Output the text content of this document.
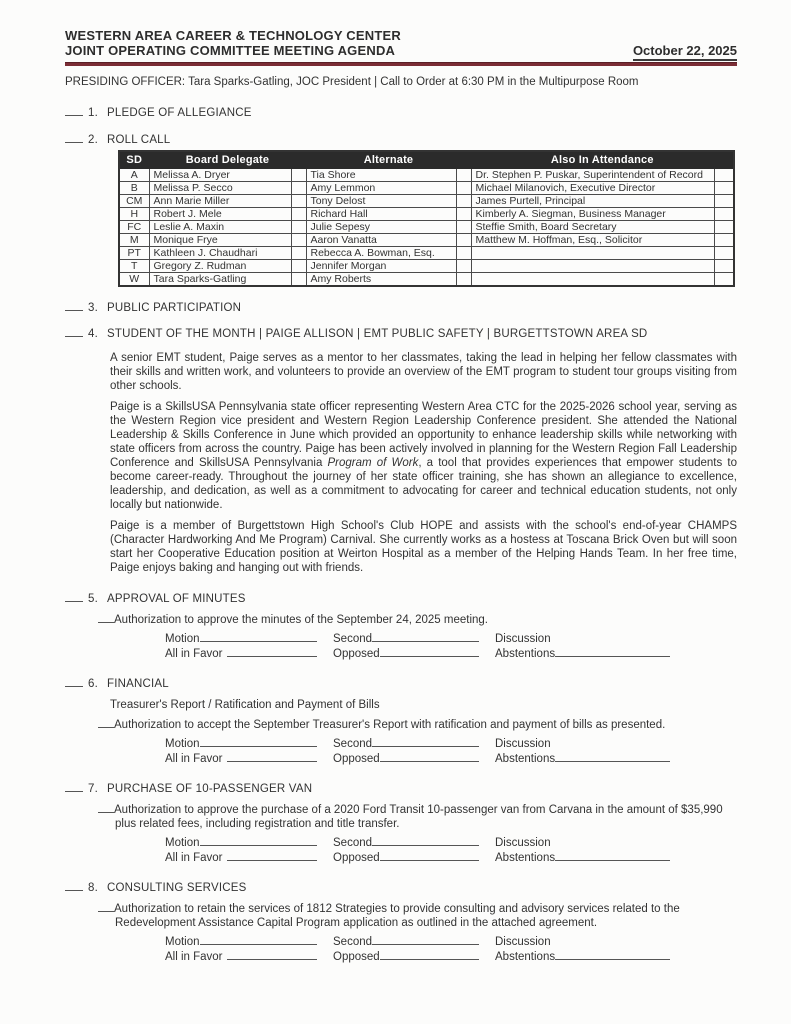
WESTERN AREA CAREER & TECHNOLOGY CENTER
JOINT OPERATING COMMITTEE MEETING AGENDA	October 22, 2025
PRESIDING OFFICER: Tara Sparks-Gatling, JOC President | Call to Order at 6:30 PM in the Multipurpose Room
1. PLEDGE OF ALLEGIANCE
2. ROLL CALL
SD	Board Delegate		Alternate		Also In Attendance	
A	Melissa A. Dryer		Tia Shore		Dr. Stephen P. Puskar, Superintendent of Record	
B	Melissa P. Secco		Amy Lemmon		Michael Milanovich, Executive Director	
CM	Ann Marie Miller		Tony Delost		James Purtell, Principal	
H	Robert J. Mele		Richard Hall		Kimberly A. Siegman, Business Manager	
FC	Leslie A. Maxin		Julie Sepesy		Steffie Smith, Board Secretary	
M	Monique Frye		Aaron Vanatta		Matthew M. Hoffman, Esq., Solicitor	
PT	Kathleen J. Chaudhari		Rebecca A. Bowman, Esq.			
T	Gregory Z. Rudman		Jennifer Morgan			
W	Tara Sparks-Gatling		Amy Roberts			
3. PUBLIC PARTICIPATION
4. STUDENT OF THE MONTH | PAIGE ALLISON | EMT PUBLIC SAFETY | BURGETTSTOWN AREA SD
A senior EMT student, Paige serves as a mentor to her classmates, taking the lead in helping her fellow classmates with their skills and written work, and volunteers to provide an overview of the EMT program to student tour groups visiting from other schools.
Paige is a SkillsUSA Pennsylvania state officer representing Western Area CTC for the 2025-2026 school year, serving as the Western Region vice president and Western Region Leadership Conference president. She attended the National Leadership & Skills Conference in June which provided an opportunity to enhance leadership skills while networking with state officers from across the country. Paige has been actively involved in planning for the Western Region Fall Leadership Conference and SkillsUSA Pennsylvania Program of Work, a tool that provides experiences that empower students to become career-ready. Throughout the journey of her state officer training, she has shown an allegiance to excellence, leadership, and dedication, as well as a commitment to advocating for career and technical education students, not only locally but nationwide.
Paige is a member of Burgettstown High School's Club HOPE and assists with the school's end-of-year CHAMPS (Character Hardworking And Me Program) Carnival. She currently works as a hostess at Toscana Brick Oven but will soon start her Cooperative Education position at Weirton Hospital as a member of the Helping Hands Team. In her free time, Paige enjoys baking and hanging out with friends.
5. APPROVAL OF MINUTES
Authorization to approve the minutes of the September 24, 2025 meeting.
Motion	Second	Discussion
All in Favor	Opposed	Abstentions
6. FINANCIAL
Treasurer's Report / Ratification and Payment of Bills
Authorization to accept the September Treasurer's Report with ratification and payment of bills as presented.
Motion	Second	Discussion
All in Favor	Opposed	Abstentions
7. PURCHASE OF 10-PASSENGER VAN
Authorization to approve the purchase of a 2020 Ford Transit 10-passenger van from Carvana in the amount of $35,990 plus related fees, including registration and title transfer.
Motion	Second	Discussion
All in Favor	Opposed	Abstentions
8. CONSULTING SERVICES
Authorization to retain the services of 1812 Strategies to provide consulting and advisory services related to the Redevelopment Assistance Capital Program application as outlined in the attached agreement.
Motion	Second	Discussion
All in Favor	Opposed	Abstentions
